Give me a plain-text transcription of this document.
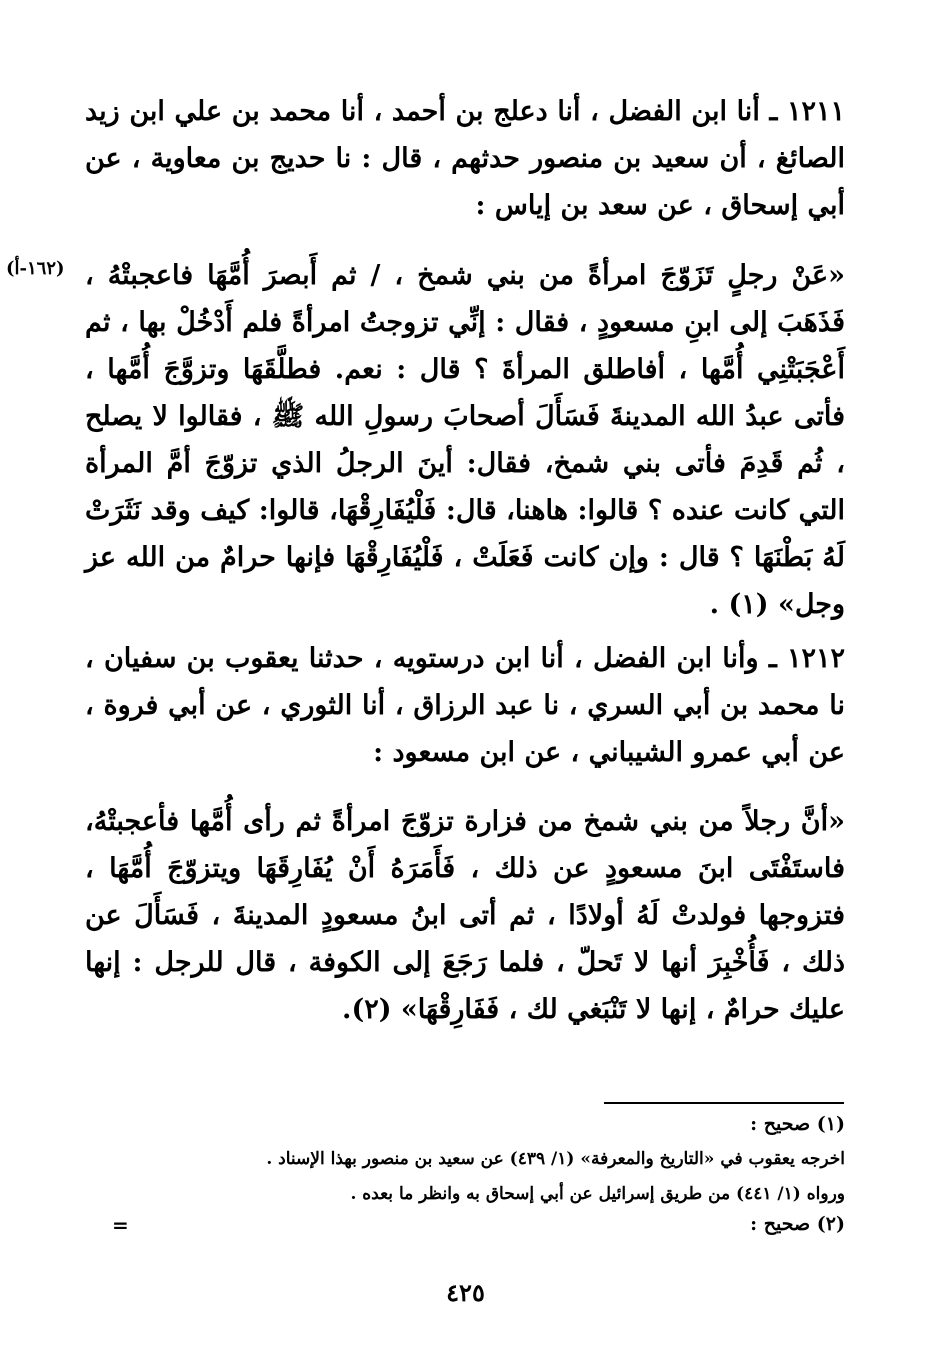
١٢١١ ـ أنا ابن الفضل ، أنا دعلج بن أحمد ، أنا محمد بن علي ابن زيد الصائغ ، أن سعيد بن منصور حدثهم ، قال : نا حديج بن معاوية ، عن أبي إسحاق ، عن سعد بن إياس :
(١٦٢-أ) «عَنْ رجلٍ تَزَوّجَ امرأةً من بني شمخ ، / ثم أَبصرَ أُمَّهَا فاعجبتْهُ ، فَذَهَبَ إلى ابنِ مسعودٍ ، فقال : إنِّي تزوجتُ امرأةً فلم أَدْخُلْ بها ، ثم أَعْجَبَتْنِي أُمَّها ، أفاطلق المرأةَ ؟ قال : نعم. فطلَّقَهَا وتزوَّجَ أُمَّها ، فأتى عبدُ الله المدينةَ فَسَأَلَ أصحابَ رسولِ الله ﷺ ، فقالوا لا يصلح ، ثُم قَدِمَ فأتى بني شمخ، فقال: أينَ الرجلُ الذي تزوّجَ أمَّ المرأة التي كانت عنده ؟ قالوا: هاهنا، قال: فَلْيُفَارِقْهَا، قالوا: كيف وقد نَثَرَتْ لَهُ بَطْنَهَا ؟ قال : وإن كانت فَعَلَتْ ، فَلْيُفَارِقْهَا فإنها حرامٌ من الله عز وجل» (١) .
١٢١٢ ـ وأنا ابن الفضل ، أنا ابن درستويه ، حدثنا يعقوب بن سفيان ، نا محمد بن أبي السري ، نا عبد الرزاق ، أنا الثوري ، عن أبي فروة ، عن أبي عمرو الشيباني ، عن ابن مسعود :
«أنَّ رجلاً من بني شمخ من فزارة تزوّجَ امرأةً ثم رأى أُمَّها فأعجبتْهُ، فاستَفْتَى ابنَ مسعودٍ عن ذلك ، فَأَمَرَهُ أَنْ يُفَارِقَهَا ويتزوّجَ أُمَّهَا ، فتزوجها فولدتْ لَهُ أولادًا ، ثم أتى ابنُ مسعودٍ المدينةَ ، فَسَأَلَ عن ذلك ، فَأُخْبِرَ أنها لا تَحلّ ، فلما رَجَعَ إلى الكوفة ، قال للرجل : إنها عليك حرامٌ ، إنها لا تَنْبَغي لك ، فَفَارِقْهَا» (٢).
(١) صحيح :
اخرجه يعقوب في «التاريخ والمعرفة» (١/ ٤٣٩) عن سعيد بن منصور بهذا الإسناد .
ورواه (١/ ٤٤١) من طريق إسرائيل عن أبي إسحاق به وانظر ما بعده .
(٢) صحيح :
=
٤٢٥
